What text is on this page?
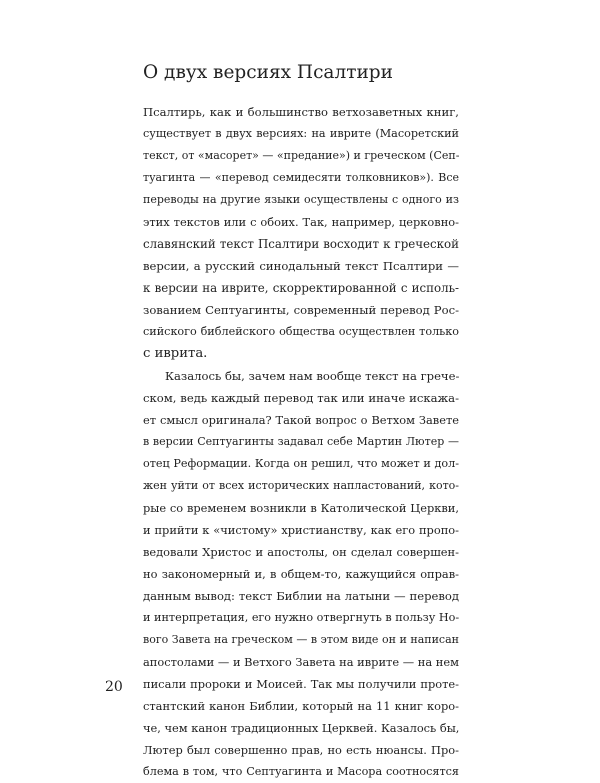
О двух версиях Псалтири
Псалтирь, как и большинство ветхозаветных книг,
существует в двух версиях: на иврите (Масоретский
текст, от «масорет» — «предание») и греческом (Сеп-
туагинта — «перевод семидесяти толковников»). Все
переводы на другие языки осуществлены с одного из
этих текстов или с обоих. Так, например, церковно-
славянский текст Псалтири восходит к греческой
версии, а русский синодальный текст Псалтири —
к версии на иврите, скорректированной с исполь-
зованием Септуагинты, современный перевод Рос-
сийского библейского общества осуществлен только
с иврита.
Казалось бы, зачем нам вообще текст на грече-
ском, ведь каждый перевод так или иначе искажа-
ет смысл оригинала? Такой вопрос о Ветхом Завете
в версии Септуагинты задавал себе Мартин Лютер —
отец Реформации. Когда он решил, что может и дол-
жен уйти от всех исторических напластований, кото-
рые со временем возникли в Католической Церкви,
и прийти к «чистому» христианству, как его пропо-
ведовали Христос и апостолы, он сделал совершен-
но закономерный и, в общем-то, кажущийся оправ-
данным вывод: текст Библии на латыни — перевод
и интерпретация, его нужно отвергнуть в пользу Но-
вого Завета на греческом — в этом виде он и написан
апостолами — и Ветхого Завета на иврите — на нем
писали пророки и Моисей. Так мы получили проте-
стантский канон Библии, который на 11 книг коро-
че, чем канон традиционных Церквей. Казалось бы,
Лютер был совершенно прав, но есть нюансы. Про-
блема в том, что Септуагинта и Масора соотносятся
20
